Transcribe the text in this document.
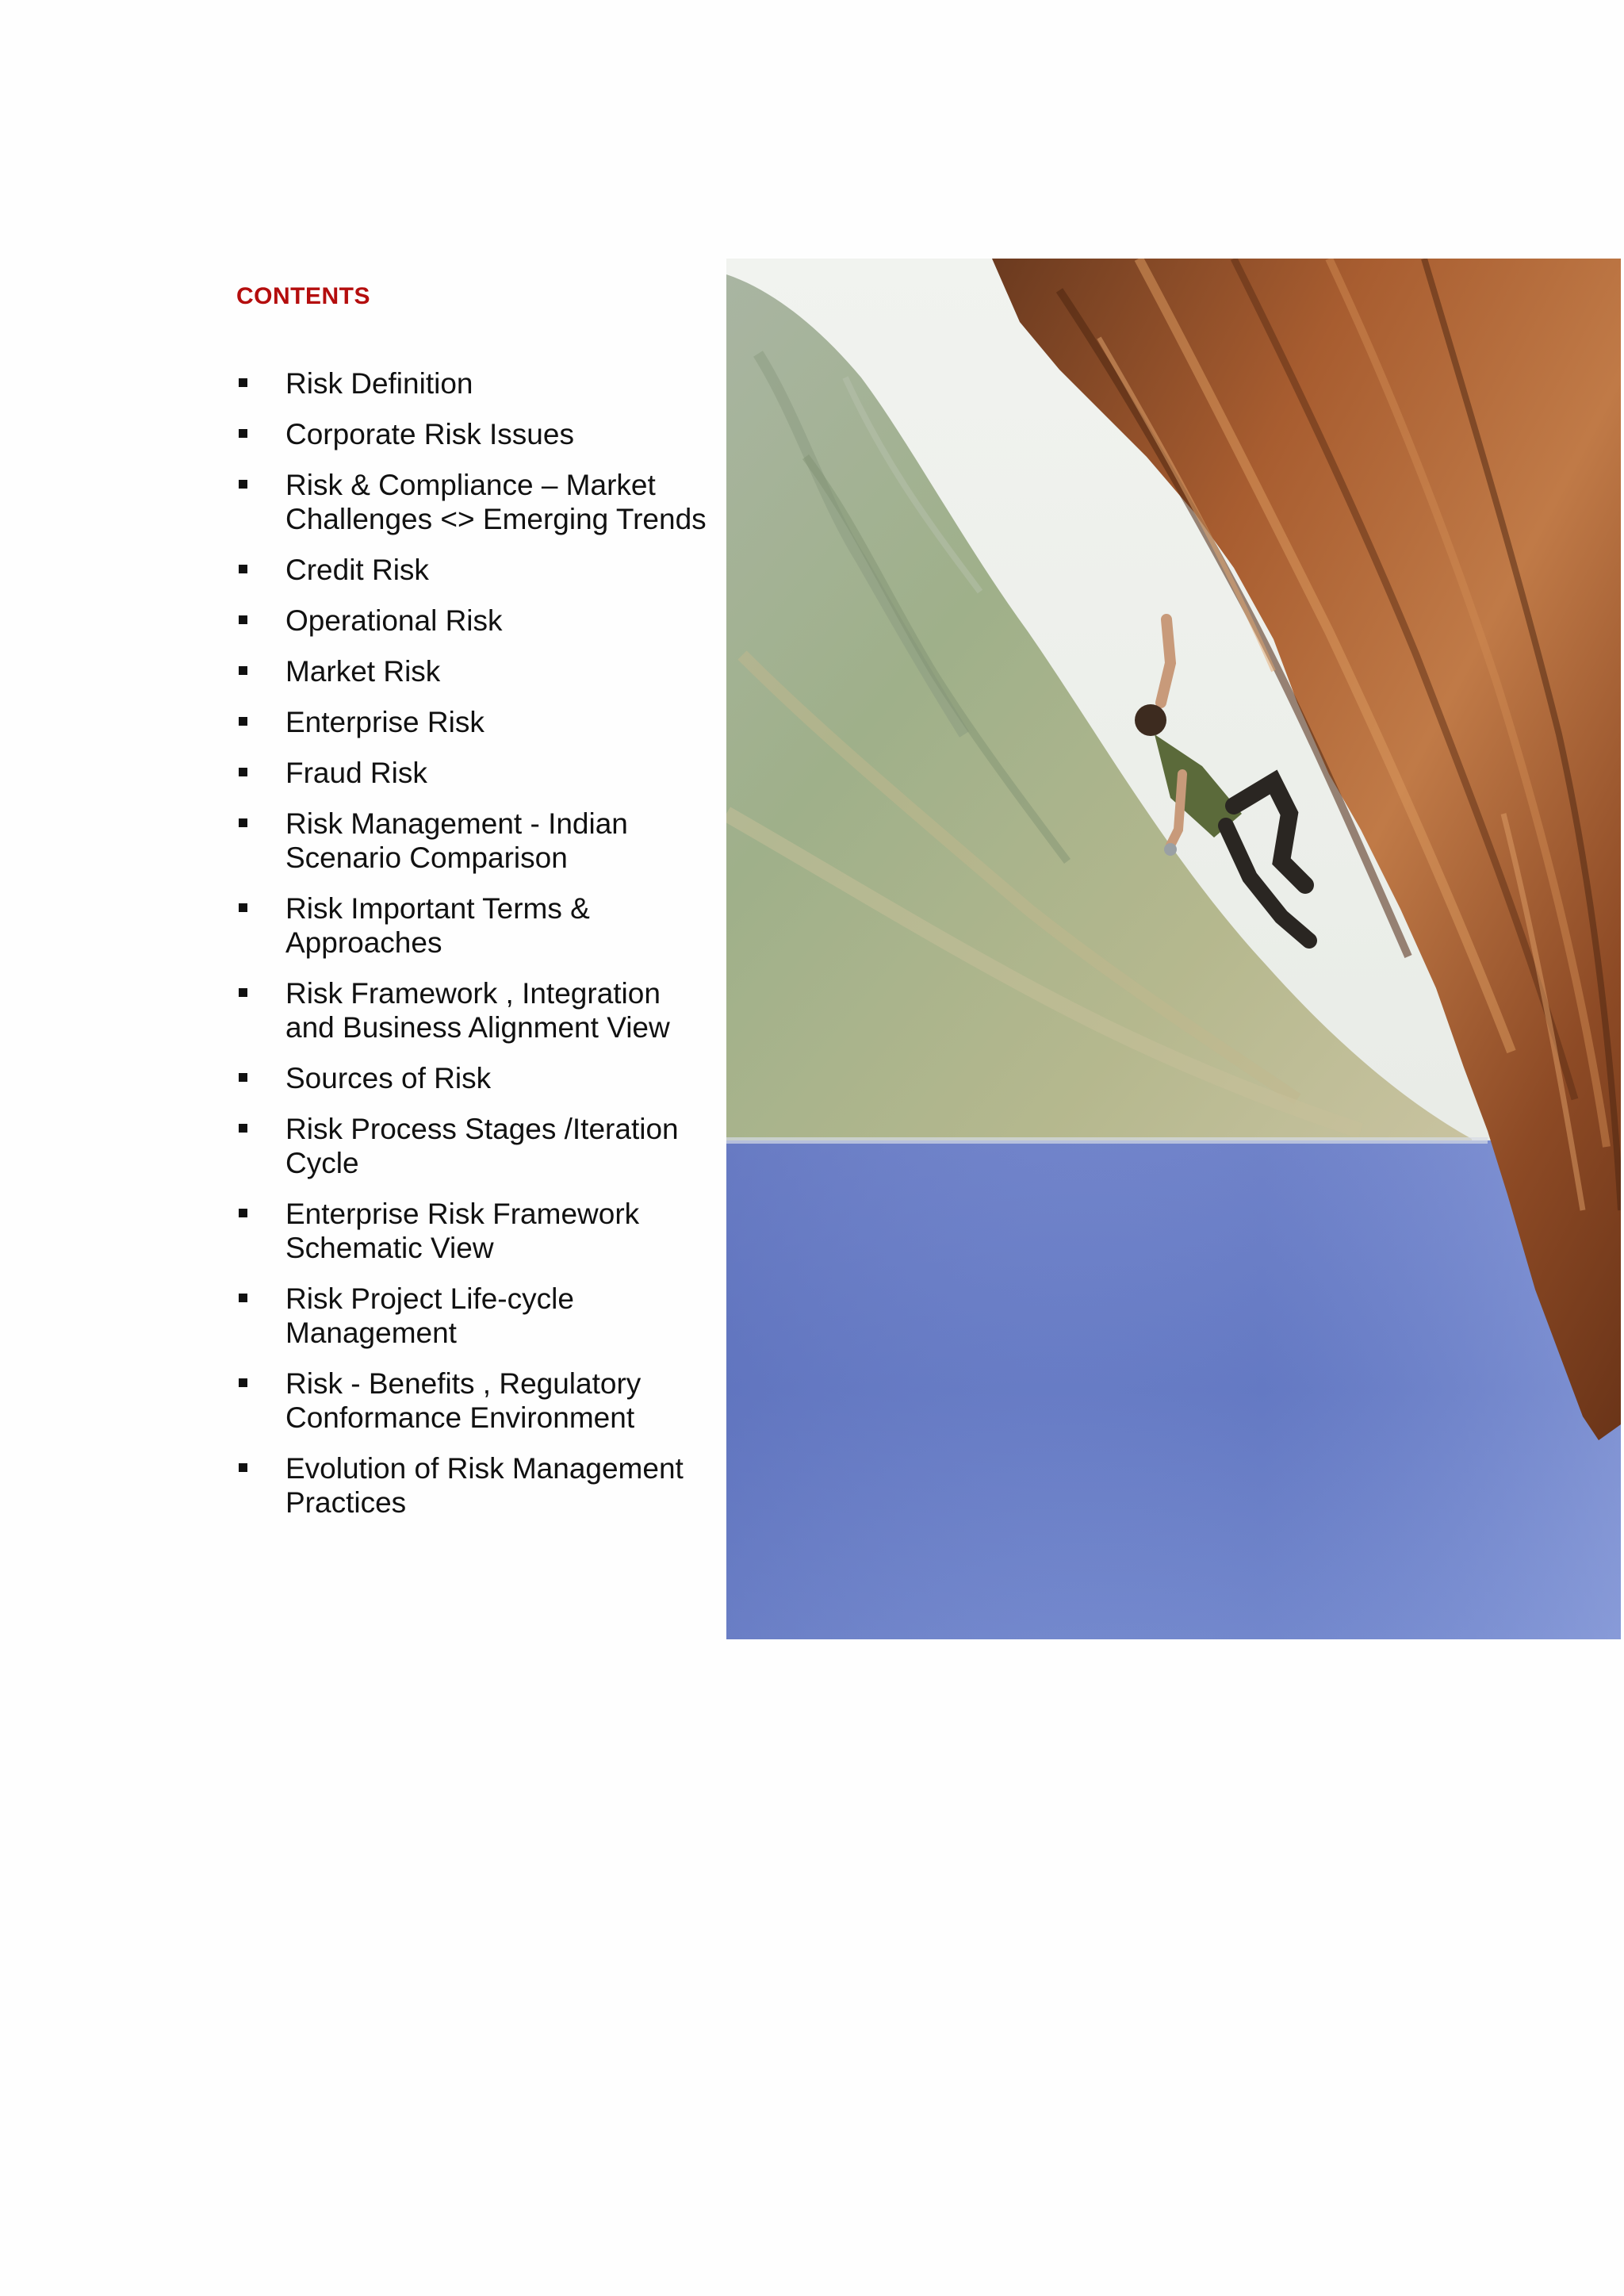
CONTENTS
Risk Definition
Corporate Risk Issues
Risk & Compliance – Market Challenges <> Emerging Trends
Credit Risk
Operational Risk
Market Risk
Enterprise Risk
Fraud Risk
Risk Management - Indian Scenario Comparison
Risk Important Terms & Approaches
Risk Framework , Integration and Business Alignment View
Sources of Risk
Risk Process Stages /Iteration Cycle
Enterprise Risk Framework Schematic View
Risk Project Life-cycle Management
Risk - Benefits , Regulatory Conformance Environment
Evolution of Risk Management Practices
